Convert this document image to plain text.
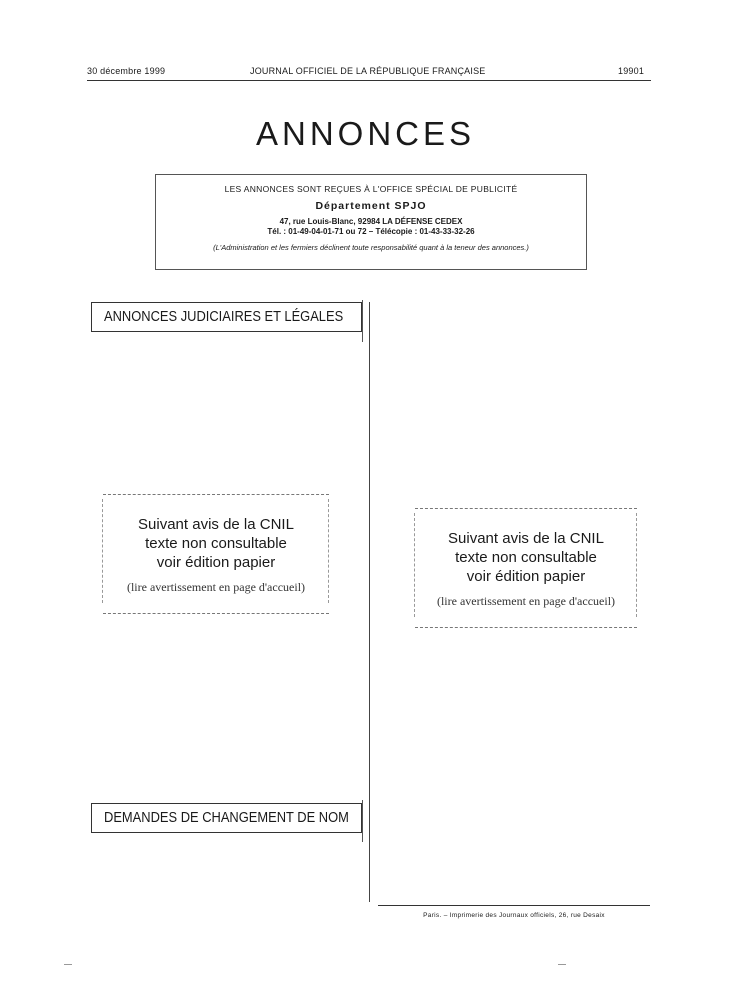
30 décembre 1999	JOURNAL OFFICIEL DE LA RÉPUBLIQUE FRANÇAISE	19901
ANNONCES
LES ANNONCES SONT REÇUES À L'OFFICE SPÉCIAL DE PUBLICITÉ
Département SPJO
47, rue Louis-Blanc, 92984 LA DÉFENSE CEDEX
Tél. : 01-49-04-01-71 ou 72 – Télécopie : 01-43-33-32-26
(L'Administration et les fermiers déclinent toute responsabilité quant à la teneur des annonces.)
ANNONCES JUDICIAIRES ET LÉGALES
Suivant avis de la CNIL
texte non consultable
voir édition papier
(lire avertissement en page d'accueil)
Suivant avis de la CNIL
texte non consultable
voir édition papier
(lire avertissement en page d'accueil)
DEMANDES DE CHANGEMENT DE NOM
Paris. – Imprimerie des Journaux officiels, 26, rue Desaix
